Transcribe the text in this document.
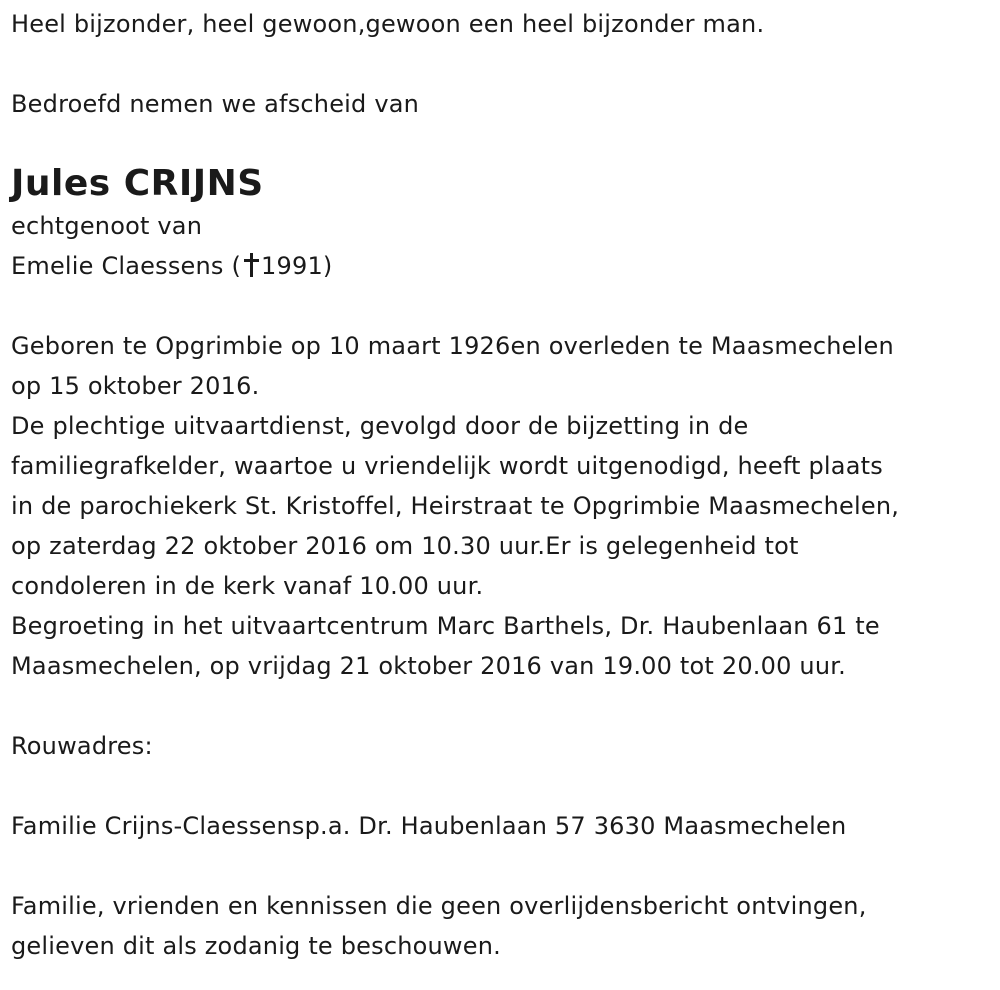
Heel bijzonder, heel gewoon,gewoon een heel bijzonder man.
Bedroefd nemen we afscheid van
Jules CRIJNS
echtgenoot van
Emelie Claessens ( 1991)
Geboren te Opgrimbie op 10 maart 1926en overleden te Maasmechelen
op 15 oktober 2016.
De plechtige uitvaartdienst, gevolgd door de bijzetting in de
familiegrafkelder, waartoe u vriendelijk wordt uitgenodigd, heeft plaats
in de parochiekerk St. Kristoffel, Heirstraat te Opgrimbie Maasmechelen,
op zaterdag 22 oktober 2016 om 10.30 uur.Er is gelegenheid tot
condoleren in de kerk vanaf 10.00 uur.
Begroeting in het uitvaartcentrum Marc Barthels, Dr. Haubenlaan 61 te
Maasmechelen, op vrijdag 21 oktober 2016 van 19.00 tot 20.00 uur.
Rouwadres:
Familie Crijns-Claessensp.a. Dr. Haubenlaan 57 3630 Maasmechelen
Familie, vrienden en kennissen die geen overlijdensbericht ontvingen,
gelieven dit als zodanig te beschouwen.
